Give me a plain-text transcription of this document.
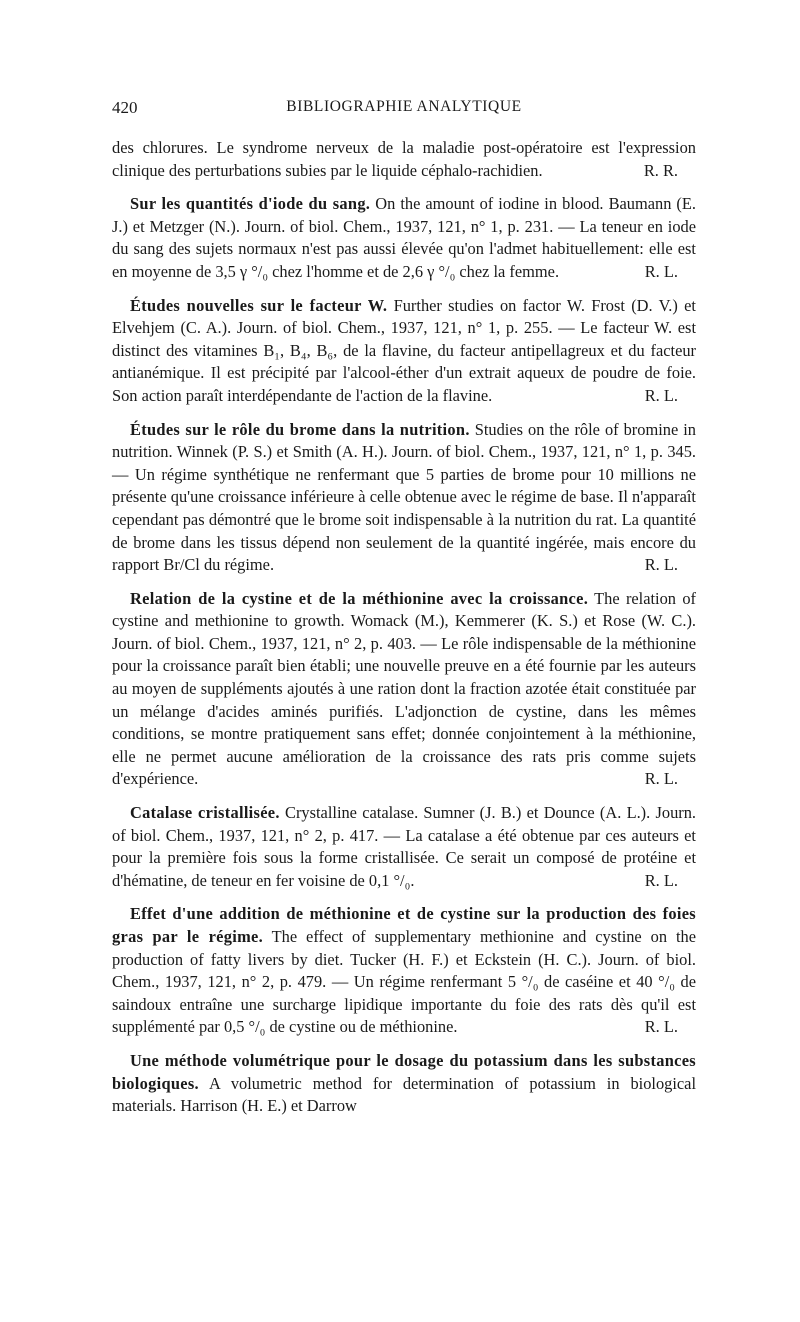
420	BIBLIOGRAPHIE ANALYTIQUE

des chlorures. Le syndrome nerveux de la maladie post-opératoire est l'expression clinique des perturbations subies par le liquide céphalo-rachidien.	R. R.

Sur les quantités d'iode du sang. On the amount of iodine in blood. Baumann (E. J.) et Metzger (N.). Journ. of biol. Chem., 1937, 121, n° 1, p. 231. — La teneur en iode du sang des sujets normaux n'est pas aussi élevée qu'on l'admet habituellement: elle est en moyenne de 3,5 γ °/₀ chez l'homme et de 2,6 γ °/₀ chez la femme.	R. L.

Études nouvelles sur le facteur W. Further studies on factor W. Frost (D. V.) et Elvehjem (C. A.). Journ. of biol. Chem., 1937, 121, n° 1, p. 255. — Le facteur W. est distinct des vitamines B₁, B₄, B₆, de la flavine, du facteur antipellagreux et du facteur antianémique. Il est précipité par l'alcool-éther d'un extrait aqueux de poudre de foie. Son action paraît interdépendante de l'action de la flavine.	R. L.

Études sur le rôle du brome dans la nutrition. Studies on the rôle of bromine in nutrition. Winnek (P. S.) et Smith (A. H.). Journ. of biol. Chem., 1937, 121, n° 1, p. 345. — Un régime synthétique ne renfermant que 5 parties de brome pour 10 millions ne présente qu'une croissance inférieure à celle obtenue avec le régime de base. Il n'apparaît cependant pas démontré que le brome soit indispensable à la nutrition du rat. La quantité de brome dans les tissus dépend non seulement de la quantité ingérée, mais encore du rapport Br/Cl du régime.	R. L.

Relation de la cystine et de la méthionine avec la croissance. The relation of cystine and methionine to growth. Womack (M.), Kemmerer (K. S.) et Rose (W. C.). Journ. of biol. Chem., 1937, 121, n° 2, p. 403. — Le rôle indispensable de la méthionine pour la croissance paraît bien établi; une nouvelle preuve en a été fournie par les auteurs au moyen de suppléments ajoutés à une ration dont la fraction azotée était constituée par un mélange d'acides aminés purifiés. L'adjonction de cystine, dans les mêmes conditions, se montre pratiquement sans effet; donnée conjointement à la méthionine, elle ne permet aucune amélioration de la croissance des rats pris comme sujets d'expérience.	R. L.

Catalase cristallisée. Crystalline catalase. Sumner (J. B.) et Dounce (A. L.). Journ. of biol. Chem., 1937, 121, n° 2, p. 417. — La catalase a été obtenue par ces auteurs et pour la première fois sous la forme cristallisée. Ce serait un composé de protéine et d'hématine, de teneur en fer voisine de 0,1 °/₀.	R. L.

Effet d'une addition de méthionine et de cystine sur la production des foies gras par le régime. The effect of supplementary methionine and cystine on the production of fatty livers by diet. Tucker (H. F.) et Eckstein (H. C.). Journ. of biol. Chem., 1937, 121, n° 2, p. 479. — Un régime renfermant 5 °/₀ de caséine et 40 °/₀ de saindoux entraîne une surcharge lipidique importante du foie des rats dès qu'il est supplémenté par 0,5 °/₀ de cystine ou de méthionine.	R. L.

Une méthode volumétrique pour le dosage du potassium dans les substances biologiques. A volumetric method for determination of potassium in biological materials. Harrison (H. E.) et Darrow
